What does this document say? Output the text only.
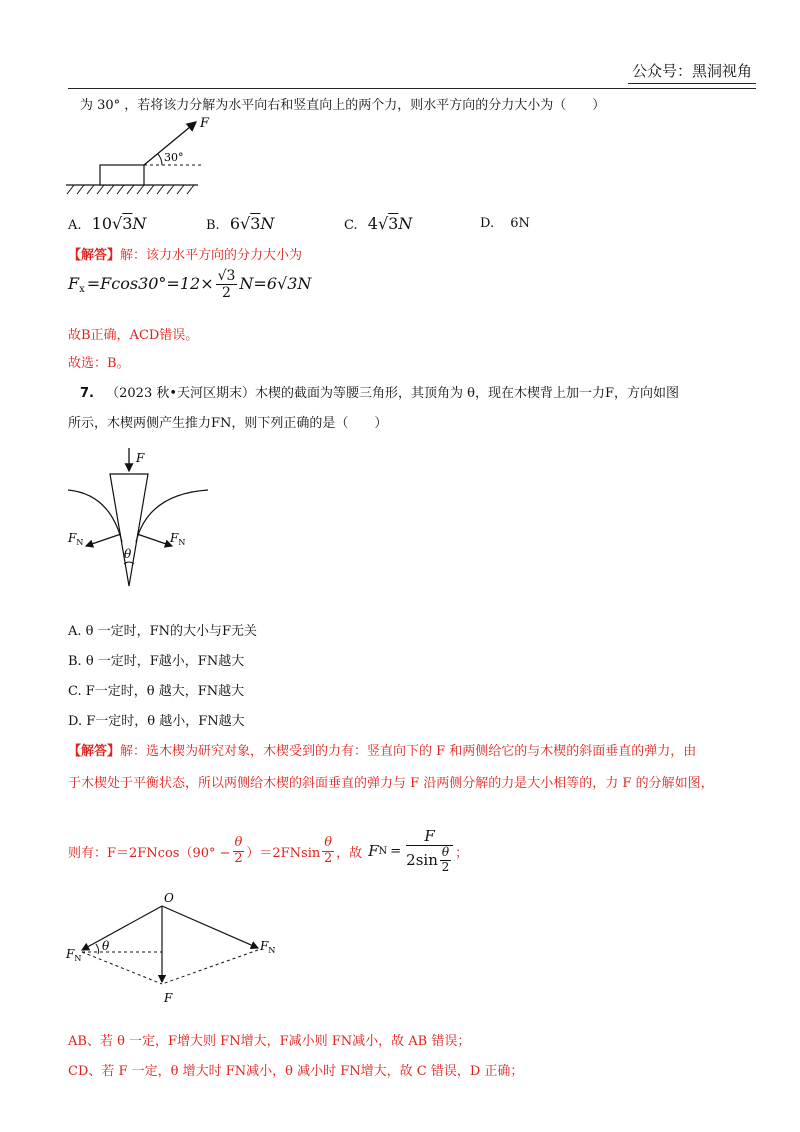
公众号：黑洞视角
为 30° ，若将该力分解为水平向右和竖直向上的两个力，则水平方向的分力大小为（　　）
F
30°
A. 10√3N	B. 6√3N	C. 4√3N	D. 6N
【解答】解：该力水平方向的分力大小为
$F_x =Fcos30^\circ=12\times \frac{√3}{2} N=6√3N$
故B正确，ACD错误。
故选：B。
7. （2023 秋•天河区期末）木楔的截面为等腰三角形，其顶角为 θ，现在木楔背上加一力F，方向如图
所示，木楔两侧产生推力FN，则下列正确的是（　　）
F
$F_N$	$F_N$
θ
A. θ 一定时，FN的大小与F无关
B. θ 一定时，F越小，FN越大
C. F一定时，θ 越大，FN越大
D. F一定时，θ 越小，FN越大
【解答】解：选木楔为研究对象，木楔受到的力有：竖直向下的 F 和两侧给它的与木楔的斜面垂直的弹力，由
于木楔处于平衡状态，所以两侧给木楔的斜面垂直的弹力与 F 沿两侧分解的力是大小相等的，力 F 的分解如图，
则有：$F=2FNcos(90^\circ - \frac{\theta}{2} )=2FNsin \frac{\theta}{2}$ ，故 F $N = \frac{F}{2\sin \frac{\theta}{2}}$ ；
O
θ
$F_N$
$F_N$
F
AB、若 θ 一定，F增大则 FN增大，F减小则 FN减小，故 AB 错误；
CD、若 F 一定，θ 增大时 FN减小，θ 减小时 FN增大，故 C 错误，D 正确；
